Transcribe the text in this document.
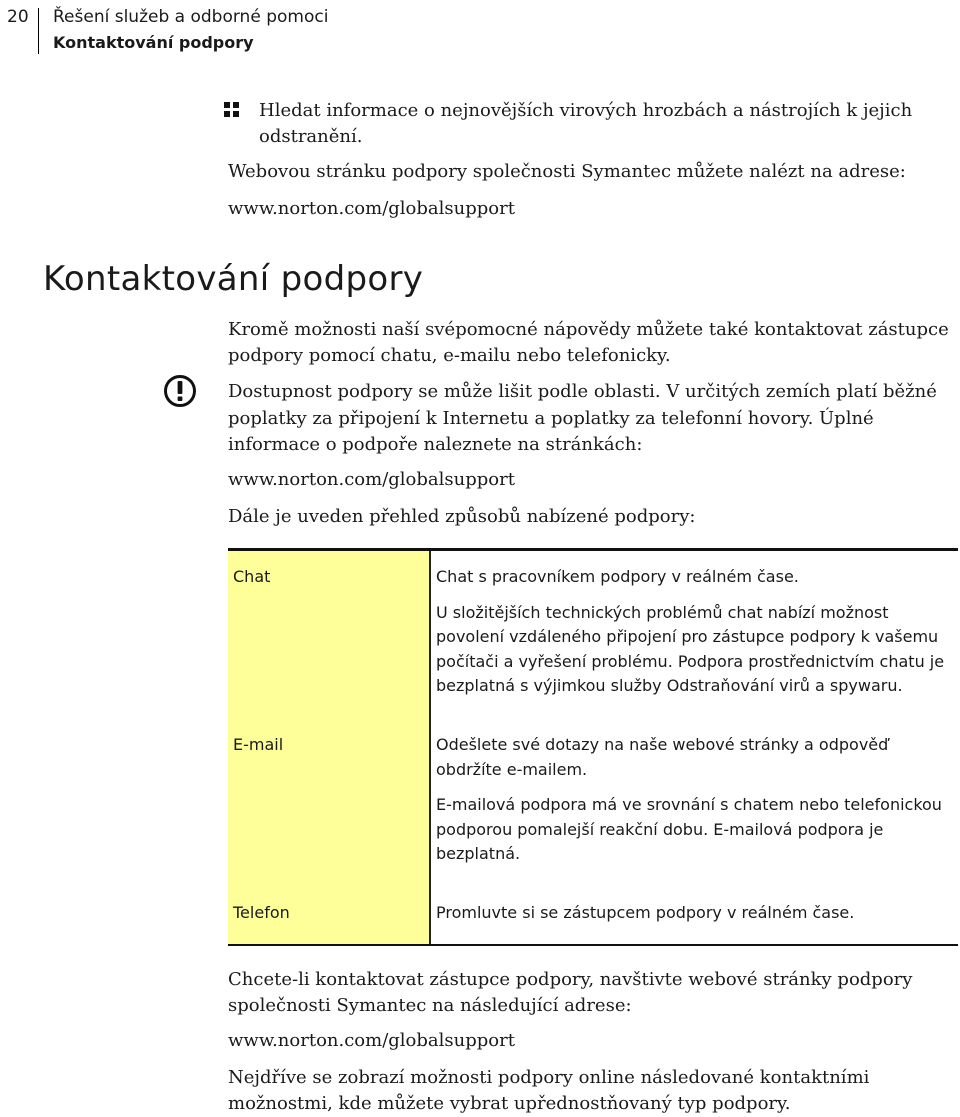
20 Řešení služeb a odborné pomoci
Kontaktování podpory
Hledat informace o nejnovějších virových hrozbách a nástrojích k jejich odstranění.
Webovou stránku podpory společnosti Symantec můžete nalézt na adrese:
www.norton.com/globalsupport
Kontaktování podpory
Kromě možnosti naší svépomocné nápovědy můžete také kontaktovat zástupce podpory pomocí chatu, e-mailu nebo telefonicky.
Dostupnost podpory se může lišit podle oblasti. V určitých zemích platí běžné poplatky za připojení k Internetu a poplatky za telefonní hovory. Úplné informace o podpoře naleznete na stránkách:
www.norton.com/globalsupport
Dále je uveden přehled způsobů nabízené podpory:
Chat	Chat s pracovníkem podpory v reálném čase.

U složitějších technických problémů chat nabízí možnost povolení vzdáleného připojení pro zástupce podpory k vašemu počítači a vyřešení problému. Podpora prostřednictvím chatu je bezplatná s výjimkou služby Odstraňování virů a spywaru.

E-mail	Odešlete své dotazy na naše webové stránky a odpověď obdržíte e-mailem.

E-mailová podpora má ve srovnání s chatem nebo telefonickou podporou pomalejší reakční dobu. E-mailová podpora je bezplatná.

Telefon	Promluvte si se zástupcem podpory v reálném čase.

Chcete-li kontaktovat zástupce podpory, navštivte webové stránky podpory společnosti Symantec na následující adrese:
www.norton.com/globalsupport
Nejdříve se zobrazí možnosti podpory online následované kontaktními možnostmi, kde můžete vybrat upřednostňovaný typ podpory.
